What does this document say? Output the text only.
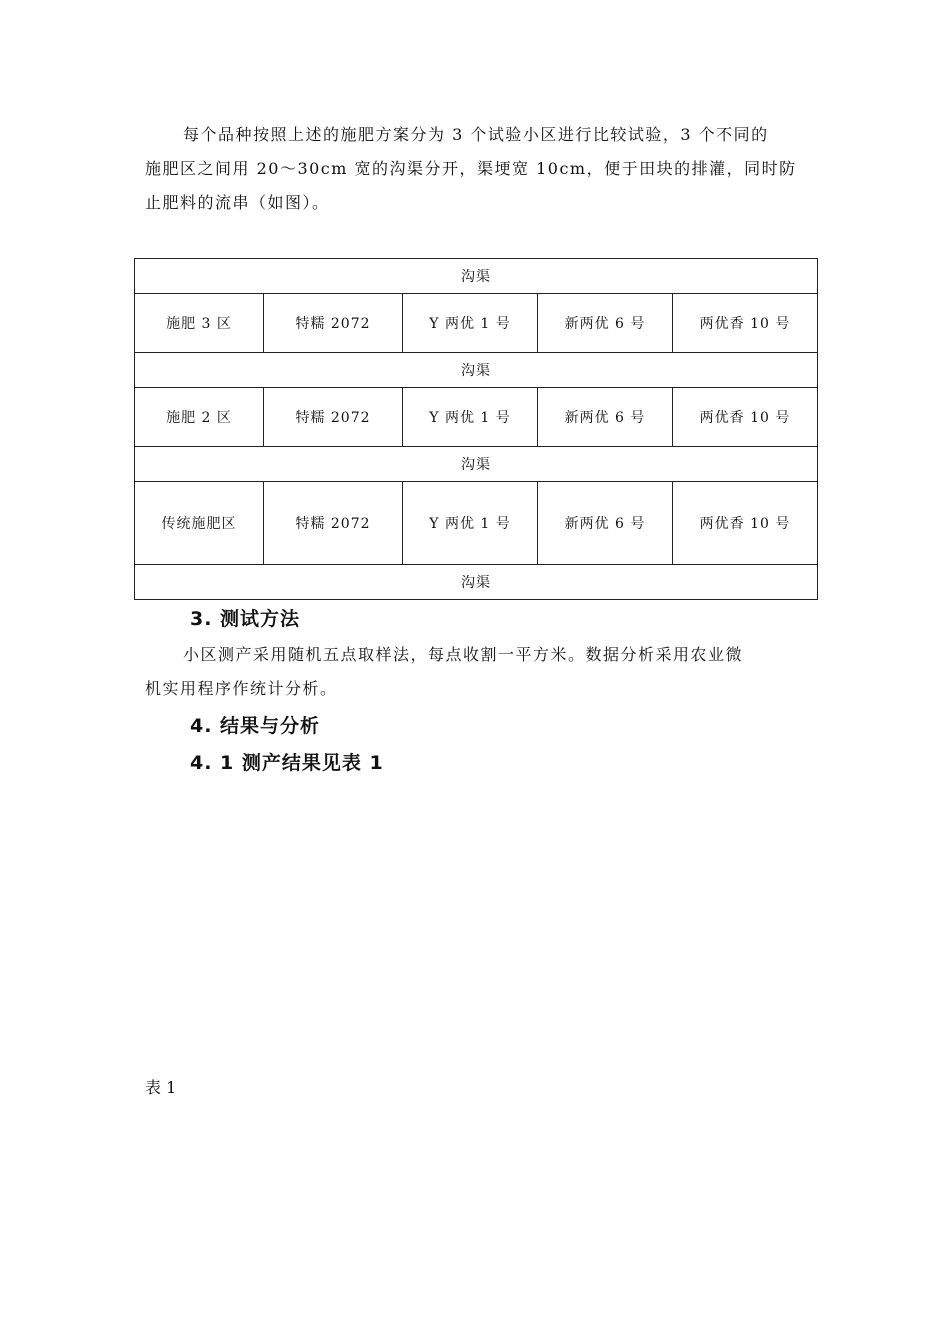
每个品种按照上述的施肥方案分为 3 个试验小区进行比较试验，3 个不同的
施肥区之间用 20～30cm 宽的沟渠分开，渠埂宽 10cm，便于田块的排灌，同时防
止肥料的流串（如图）。

沟渠				
施肥 3 区	特糯 2072	Y 两优 1 号	新两优 6 号	两优香 10 号
沟渠				
施肥 2 区	特糯 2072	Y 两优 1 号	新两优 6 号	两优香 10 号
沟渠				
传统施肥区	特糯 2072	Y 两优 1 号	新两优 6 号	两优香 10 号
沟渠				
3. 测试方法

小区测产采用随机五点取样法，每点收割一平方米。数据分析采用农业微
机实用程序作统计分析。

4. 结果与分析
4. 1 测产结果见表 1

表 1
